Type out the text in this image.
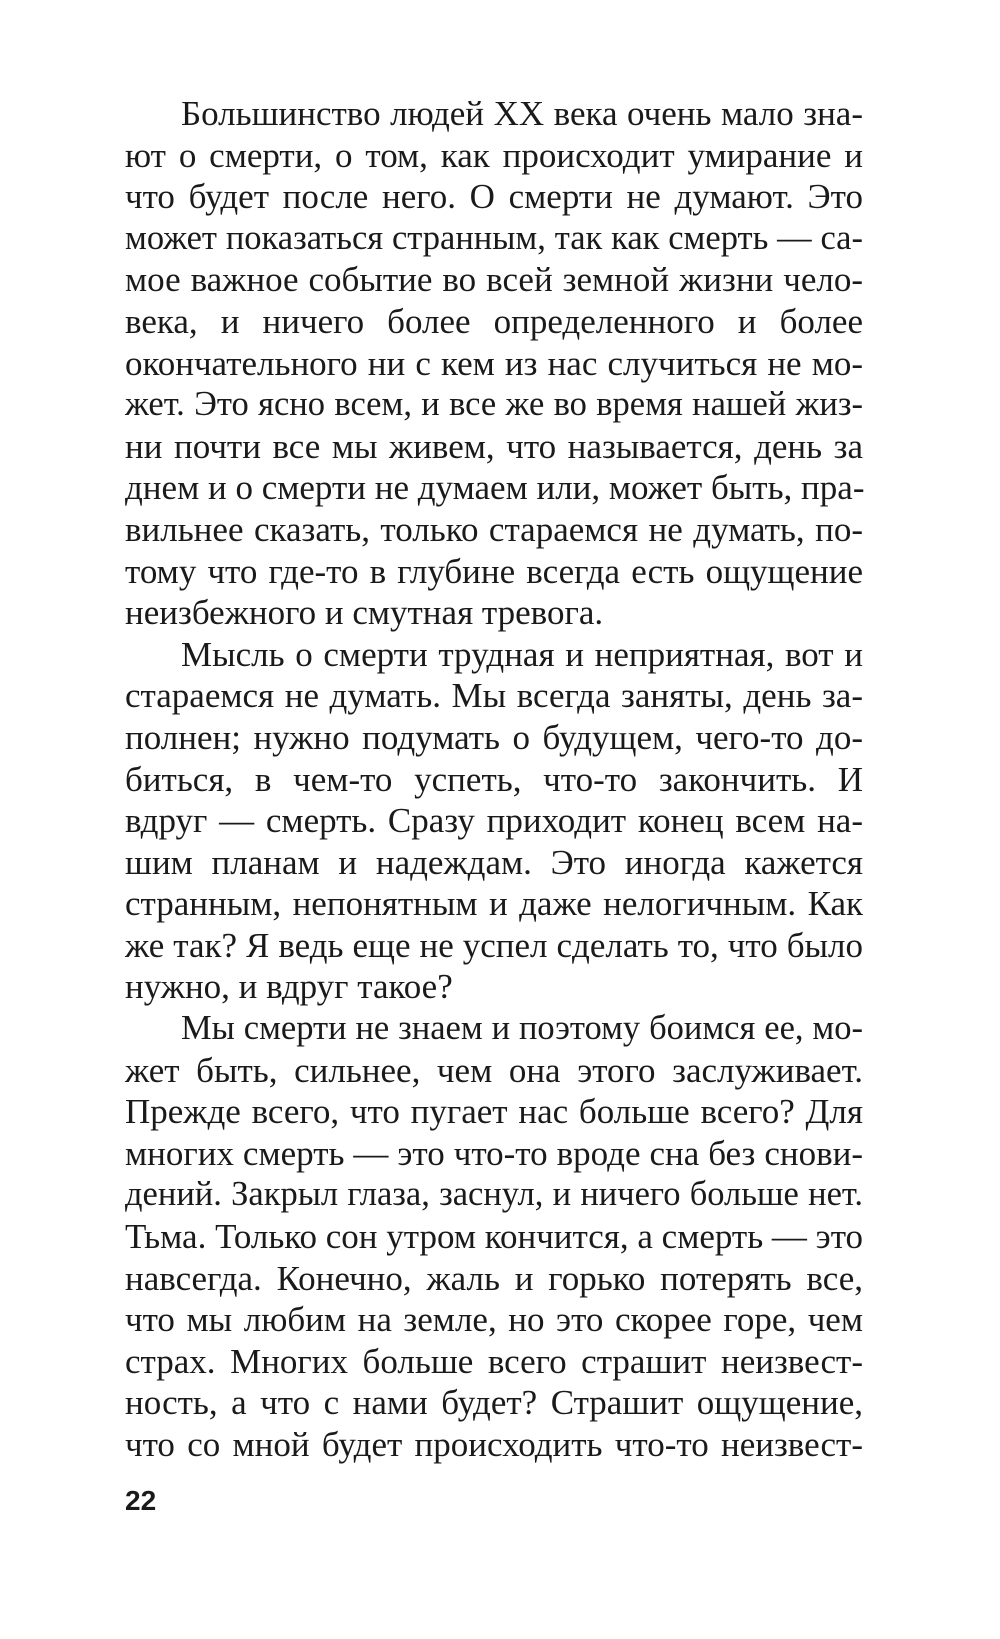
Большинство людей XX века очень мало зна-
ют о смерти, о том, как происходит умирание и
что будет после него. О смерти не думают. Это
может показаться странным, так как смерть — са-
мое важное событие во всей земной жизни чело-
века, и ничего более определенного и более
окончательного ни с кем из нас случиться не мо-
жет. Это ясно всем, и все же во время нашей жиз-
ни почти все мы живем, что называется, день за
днем и о смерти не думаем или, может быть, пра-
вильнее сказать, только стараемся не думать, по-
тому что где-то в глубине всегда есть ощущение
неизбежного и смутная тревога.
Мысль о смерти трудная и неприятная, вот и
стараемся не думать. Мы всегда заняты, день за-
полнен; нужно подумать о будущем, чего-то до-
биться, в чем-то успеть, что-то закончить. И
вдруг — смерть. Сразу приходит конец всем на-
шим планам и надеждам. Это иногда кажется
странным, непонятным и даже нелогичным. Как
же так? Я ведь еще не успел сделать то, что было
нужно, и вдруг такое?
Мы смерти не знаем и поэтому боимся ее, мо-
жет быть, сильнее, чем она этого заслуживает.
Прежде всего, что пугает нас больше всего? Для
многих смерть — это что-то вроде сна без снови-
дений. Закрыл глаза, заснул, и ничего больше нет.
Тьма. Только сон утром кончится, а смерть — это
навсегда. Конечно, жаль и горько потерять все,
что мы любим на земле, но это скорее горе, чем
страх. Многих больше всего страшит неизвест-
ность, а что с нами будет? Страшит ощущение,
что со мной будет происходить что-то неизвест-
22
